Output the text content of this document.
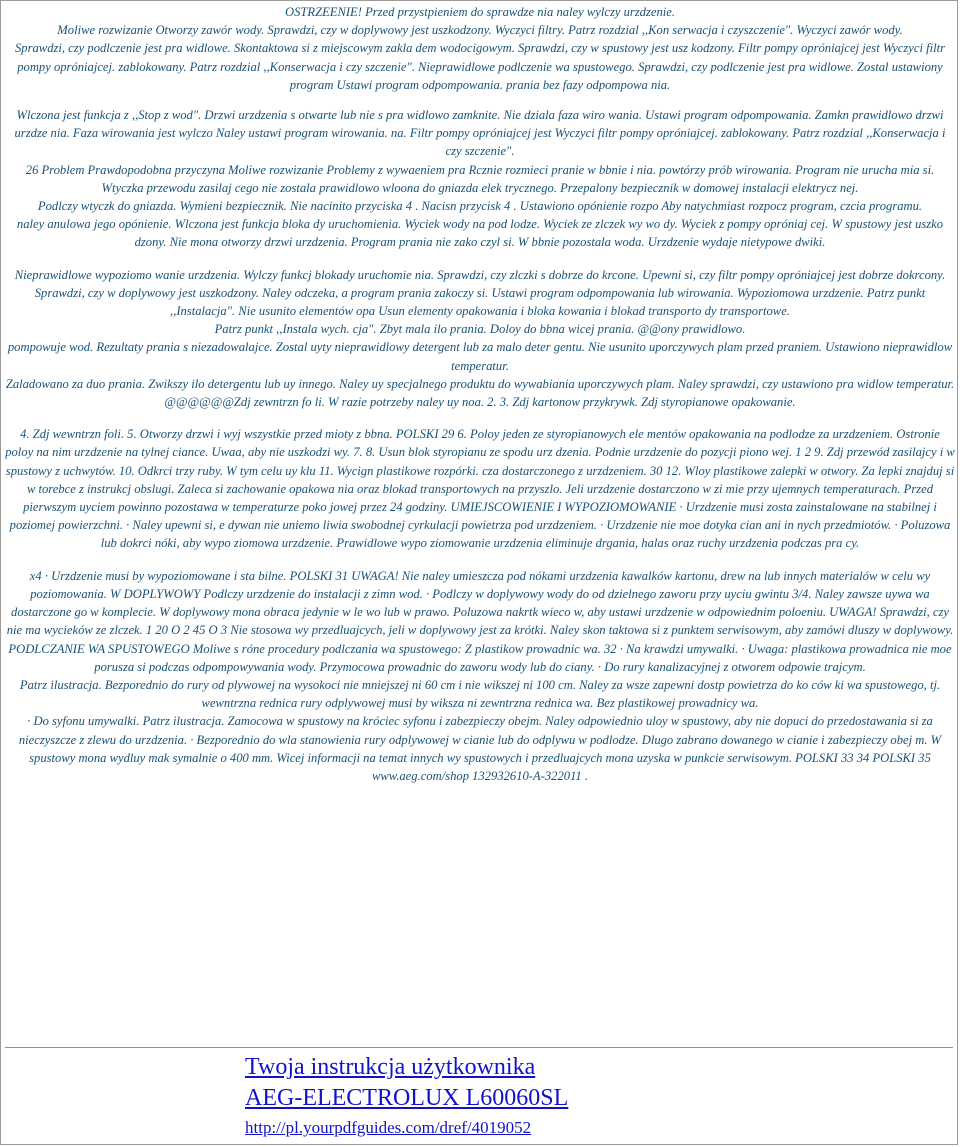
OSTRZEENIE! Przed przystpieniem do sprawdze nia naley wylczy urzdzenie.

Moliwe rozwizanie Otworzy zawór wody. Sprawdzi, czy w doplywowy jest uszkodzony. Wyczyci filtry. Patrz rozdzial ,,Kon serwacja i czyszczenie". Wyczyci zawór wody.

Sprawdzi, czy podlczenie jest pra widlowe. Skontaktowa si z miejscowym zakla dem wodocigowym. Sprawdzi, czy w spustowy jest usz kodzony. Filtr pompy opróniajcej jest Wyczyci filtr pompy opróniajcej. zablokowany. Patrz rozdzial ,,Konserwacja i czy szczenie". Nieprawidlowe podlczenie wa spustowego. Sprawdzi, czy podlczenie jest pra widlowe. Zostal ustawiony program Ustawi program odpompowania. prania bez fazy odpompowa nia.

Wlczona jest funkcja z ,,Stop z wod". Drzwi urzdzenia s otwarte lub nie s pra widlowo zamknite. Nie dziala faza wiro wania. Ustawi program odpompowania. Zamkn prawidlowo drzwi urzdze nia. Faza wirowania jest wylczo Naley ustawi program wirowania. na. Filtr pompy opróniajcej jest Wyczyci filtr pompy opróniajcej. zablokowany. Patrz rozdzial ,,Konserwacja i czy szczenie".

26 Problem Prawdopodobna przyczyna Moliwe rozwizanie Problemy z wywaeniem pra Rcznie rozmieci pranie w bbnie i nia. powtórzy prób wirowania. Program nie urucha mia si. Wtyczka przewodu zasilaj cego nie zostala prawidlowo wloona do gniazda elek trycznego. Przepalony bezpiecznik w domowej instalacji elektrycz nej.

Podlczy wtyczk do gniazda. Wymieni bezpiecznik. Nie nacinito przyciska 4 . Nacisn przycisk 4 . Ustawiono opónienie rozpo Aby natychmiast rozpocz program, czcia programu.

naley anulowa jego opónienie. Wlczona jest funkcja bloka dy uruchomienia. Wyciek wody na pod lodze. Wyciek ze zlczek wy wo dy. Wyciek z pompy opróniaj cej. W spustowy jest uszko dzony. Nie mona otworzy drzwi urzdzenia. Program prania nie zako czyl si. W bbnie pozostala woda. Urzdzenie wydaje nietypowe dwiki.

Nieprawidlowe wypoziomo wanie urzdzenia. Wylczy funkcj blokady uruchomie nia. Sprawdzi, czy zlczki s dobrze do krcone. Upewni si, czy filtr pompy opróniajcej jest dobrze dokrcony. Sprawdzi, czy w doplywowy jest uszkodzony. Naley odczeka, a program prania zakoczy si. Ustawi program odpompowania lub wirowania. Wypoziomowa urzdzenie. Patrz punkt ,,Instalacja". Nie usunito elementów opa Usun elementy opakowania i bloka kowania i blokad transporto dy transportowe.

Patrz punkt ,,Instala wych. cja". Zbyt mala ilo prania. Doloy do bbna wicej prania. @@ony prawidlowo.

pompowuje wod. Rezultaty prania s niezadowalajce. Zostal uyty nieprawidlowy detergent lub za malo deter gentu. Nie usunito uporczywych plam przed praniem. Ustawiono nieprawidlow temperatur.

Zaladowano za duo prania. Zwikszy ilo detergentu lub uy innego. Naley uy specjalnego produktu do wywabiania uporczywych plam. Naley sprawdzi, czy ustawiono pra widlow temperatur. @@@@@@Zdj zewntrzn fo li. W razie potrzeby naley uy noa. 2. 3. Zdj kartonow przykrywk. Zdj styropianowe opakowanie.

4. Zdj wewntrzn foli. 5. Otworzy drzwi i wyj wszystkie przed mioty z bbna. POLSKI 29 6. Poloy jeden ze styropianowych ele mentów opakowania na podlodze za urzdzeniem. Ostronie poloy na nim urzdzenie na tylnej ciance. Uwaa, aby nie uszkodzi wy. 7. 8. Usun blok styropianu ze spodu urz dzenia. Podnie urzdzenie do pozycji piono wej. 1 2 9. Zdj przewód zasilajcy i w spustowy z uchwytów. 10. Odkrci trzy ruby. W tym celu uy klu 11. Wycign plastikowe rozpórki. cza dostarczonego z urzdzeniem. 30 12. Wloy plastikowe zalepki w otwory. Za lepki znajduj si w torebce z instrukcj obslugi. Zaleca si zachowanie opakowa nia oraz blokad transportowych na przyszlo. Jeli urzdzenie dostarczono w zi mie przy ujemnych temperaturach. Przed pierwszym uyciem powinno pozostawa w temperaturze poko jowej przez 24 godziny. UMIEJSCOWIENIE I WYPOZIOMOWANIE · Urzdzenie musi zosta zainstalowane na stabilnej i poziomej powierzchni. · Naley upewni si, e dywan nie uniemo liwia swobodnej cyrkulacji powietrza pod urzdzeniem. · Urzdzenie nie moe dotyka cian ani in nych przedmiotów. · Poluzowa lub dokrci nóki, aby wypo ziomowa urzdzenie. Prawidlowe wypo ziomowanie urzdzenia eliminuje drgania, halas oraz ruchy urzdzenia podczas pra cy.

x4 · Urzdzenie musi by wypoziomowane i sta bilne. POLSKI 31 UWAGA! Nie naley umieszcza pod nókami urzdzenia kawalków kartonu, drew na lub innych materialów w celu wy poziomowania. W DOPLYWOWY Podlczy urzdzenie do instalacji z zimn wod. · Podlczy w doplywowy wody do od dzielnego zaworu przy uyciu gwintu 3/4. Naley zawsze uywa wa dostarczone go w komplecie. W doplywowy mona obraca jedynie w le wo lub w prawo. Poluzowa nakrtk wieco w, aby ustawi urzdzenie w odpowiednim poloeniu. UWAGA! Sprawdzi, czy nie ma wycieków ze zlczek. 1 20 O 2 45 O 3 Nie stosowa wy przedluajcych, jeli w doplywowy jest za krótki. Naley skon taktowa si z punktem serwisowym, aby zamówi dluszy w doplywowy.

PODLCZANIE WA SPUSTOWEGO Moliwe s róne procedury podlczania wa spustowego: Z plastikow prowadnic wa. 32 · Na krawdzi umywalki. · Uwaga: plastikowa prowadnica nie moe porusza si podczas odpompowywania wody. Przymocowa prowadnic do zaworu wody lub do ciany. · Do rury kanalizacyjnej z otworem odpowie trajcym.

Patrz ilustracja. Bezporednio do rury od plywowej na wysokoci nie mniejszej ni 60 cm i nie wikszej ni 100 cm. Naley za wsze zapewni dostp powietrza do ko ców ki wa spustowego, tj. wewntrzna rednica rury odplywowej musi by wiksza ni zewntrzna rednica wa. Bez plastikowej prowadnicy wa.

· Do syfonu umywalki. Patrz ilustracja. Zamocowa w spustowy na króciec syfonu i zabezpieczy obejm. Naley odpowiednio uloy w spustowy, aby nie dopuci do przedostawania si za nieczyszcze z zlewu do urzdzenia. · Bezporednio do wla stanowienia rury odplywowej w cianie lub do odplywu w podlodze. Dlugo zabrano dowanego w cianie i zabezpieczy obej m. W spustowy mona wydluy mak symalnie o 400 mm. Wicej informacji na temat innych wy spustowych i przedluajcych mona uzyska w punkcie serwisowym. POLSKI 33 34 POLSKI 35 www.aeg.com/shop 132932610-A-322011 .

Twoja instrukcja użytkownika
AEG-ELECTROLUX L60060SL
http://pl.yourpdfguides.com/dref/4019052
